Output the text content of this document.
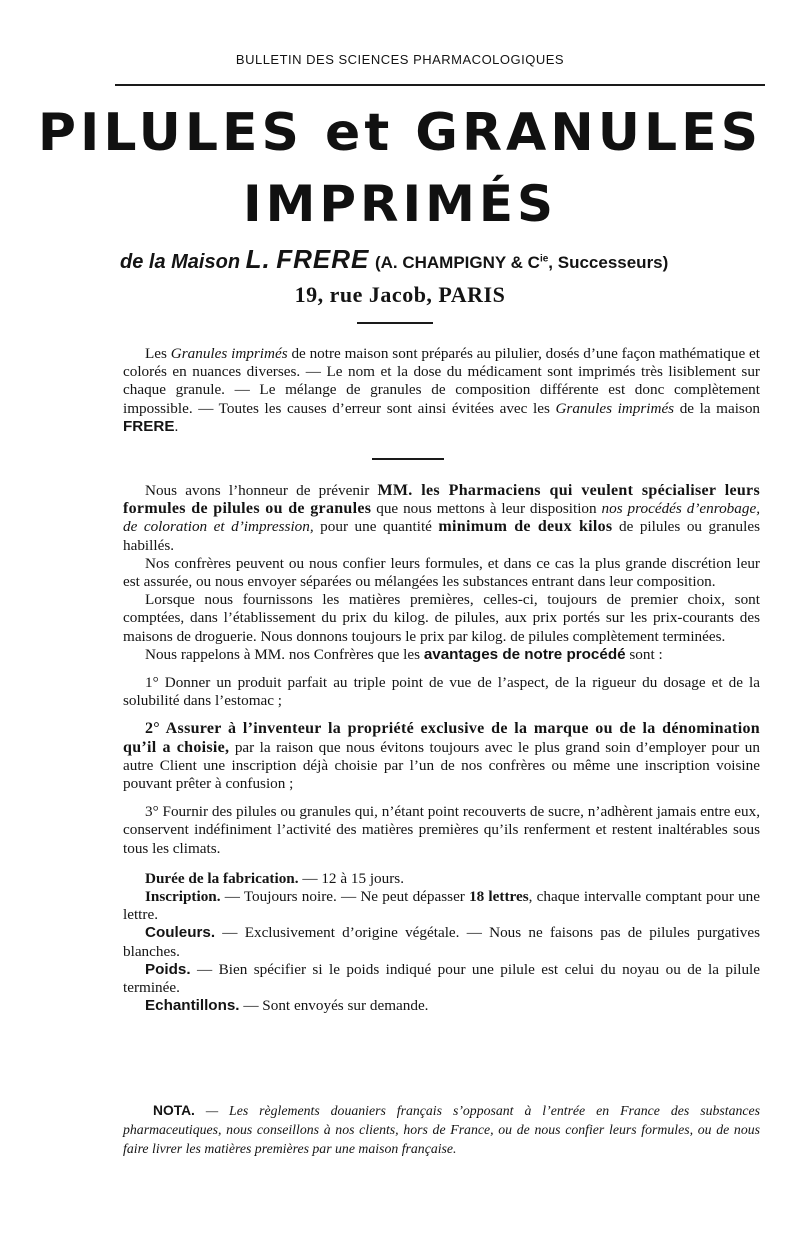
BULLETIN DES SCIENCES PHARMACOLOGIQUES
PILULES et GRANULES
IMPRIMÉS
de la Maison L. FRERE (A. CHAMPIGNY & $C^{ie}$, Successeurs)
19, rue Jacob, PARIS

Les Granules imprimés de notre maison sont préparés au pilulier, dosés d’une façon mathématique et colorés en nuances diverses. — Le nom et la dose du médicament sont imprimés très lisiblement sur chaque granule. — Le mélange de granules de composition différente est donc complètement impossible. — Toutes les causes d’erreur sont ainsi évitées avec les Granules imprimés de la maison FRERE.

Nous avons l’honneur de prévenir MM. les Pharmaciens qui veulent spécialiser leurs formules de pilules ou de granules que nous mettons à leur disposition nos procédés d’enrobage, de coloration et d’impression, pour une quantité minimum de deux kilos de pilules ou granules habillés.

Nos confrères peuvent ou nous confier leurs formules, et dans ce cas la plus grande discrétion leur est assurée, ou nous envoyer séparées ou mélangées les substances entrant dans leur composition.

Lorsque nous fournissons les matières premières, celles-ci, toujours de premier choix, sont comptées, dans l’établissement du prix du kilog. de pilules, aux prix portés sur les prix-courants des maisons de droguerie. Nous donnons toujours le prix par kilog. de pilules complètement terminées.

Nous rappelons à MM. nos Confrères que les avantages de notre procédé sont :

1° Donner un produit parfait au triple point de vue de l’aspect, de la rigueur du dosage et de la solubilité dans l’estomac ;

2° Assurer à l’inventeur la propriété exclusive de la marque ou de la dénomination qu’il a choisie, par la raison que nous évitons toujours avec le plus grand soin d’employer pour un autre Client une inscription déjà choisie par l’un de nos confrères ou même une inscription voisine pouvant prêter à confusion ;

3° Fournir des pilules ou granules qui, n’étant point recouverts de sucre, n’adhèrent jamais entre eux, conservent indéfiniment l’activité des matières premières qu’ils renferment et restent inaltérables sous tous les climats.

Durée de la fabrication. — 12 à 15 jours.

Inscription. — Toujours noire. — Ne peut dépasser 18 lettres, chaque intervalle comptant pour une lettre.

Couleurs. — Exclusivement d’origine végétale. — Nous ne faisons pas de pilules purgatives blanches.

Poids. — Bien spécifier si le poids indiqué pour une pilule est celui du noyau ou de la pilule terminée.

Echantillons. — Sont envoyés sur demande.

NOTA. — Les règlements douaniers français s’opposant à l’entrée en France des substances pharmaceutiques, nous conseillons à nos clients, hors de France, ou de nous confier leurs formules, ou de nous faire livrer les matières premières par une maison française.
